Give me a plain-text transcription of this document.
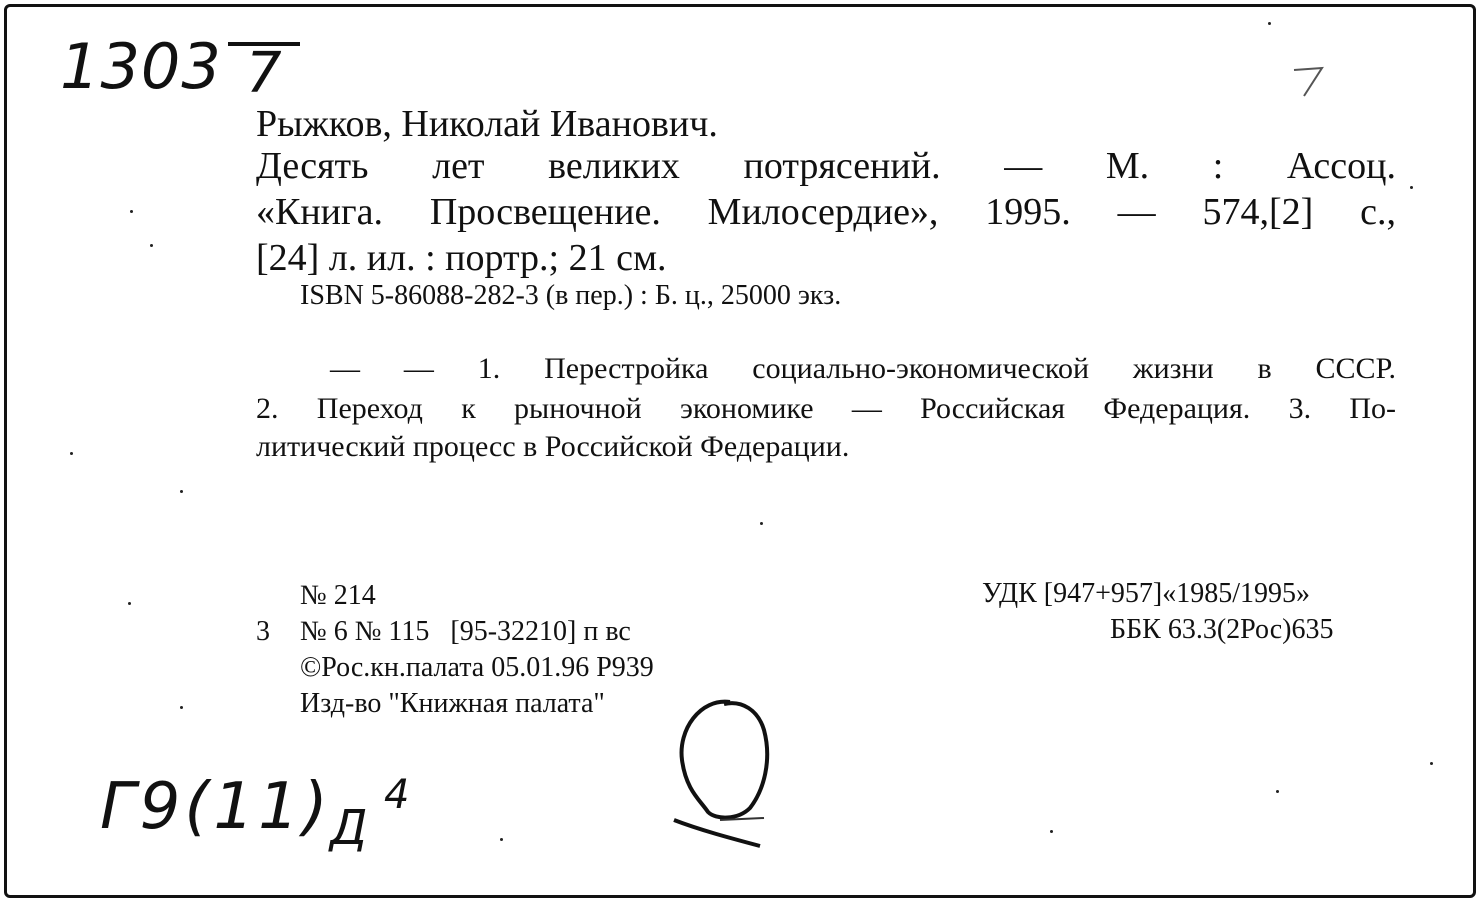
1303 7
Рыжков, Николай Иванович.
Десять лет великих потрясений. — М. : Ассоц.
«Книга. Просвещение. Милосердие», 1995. — 574,[2] с.,
[24] л. ил. : портр.; 21 см.
ISBN 5-86088-282-3 (в пер.) : Б. ц., 25000 экз.
— — 1. Перестройка социально-экономической жизни в СССР.
2. Переход к рыночной экономике — Российская Федерация. 3. По-
литический процесс в Российской Федерации.
№ 214
3 № 6 № 115   [95-32210] п вс
©Рос.кн.палата 05.01.96 Р939
Изд-во "Книжная палата"
УДК [947+957]«1985/1995»
ББК 63.3(2Рос)635
Г9(11)
Д
4
